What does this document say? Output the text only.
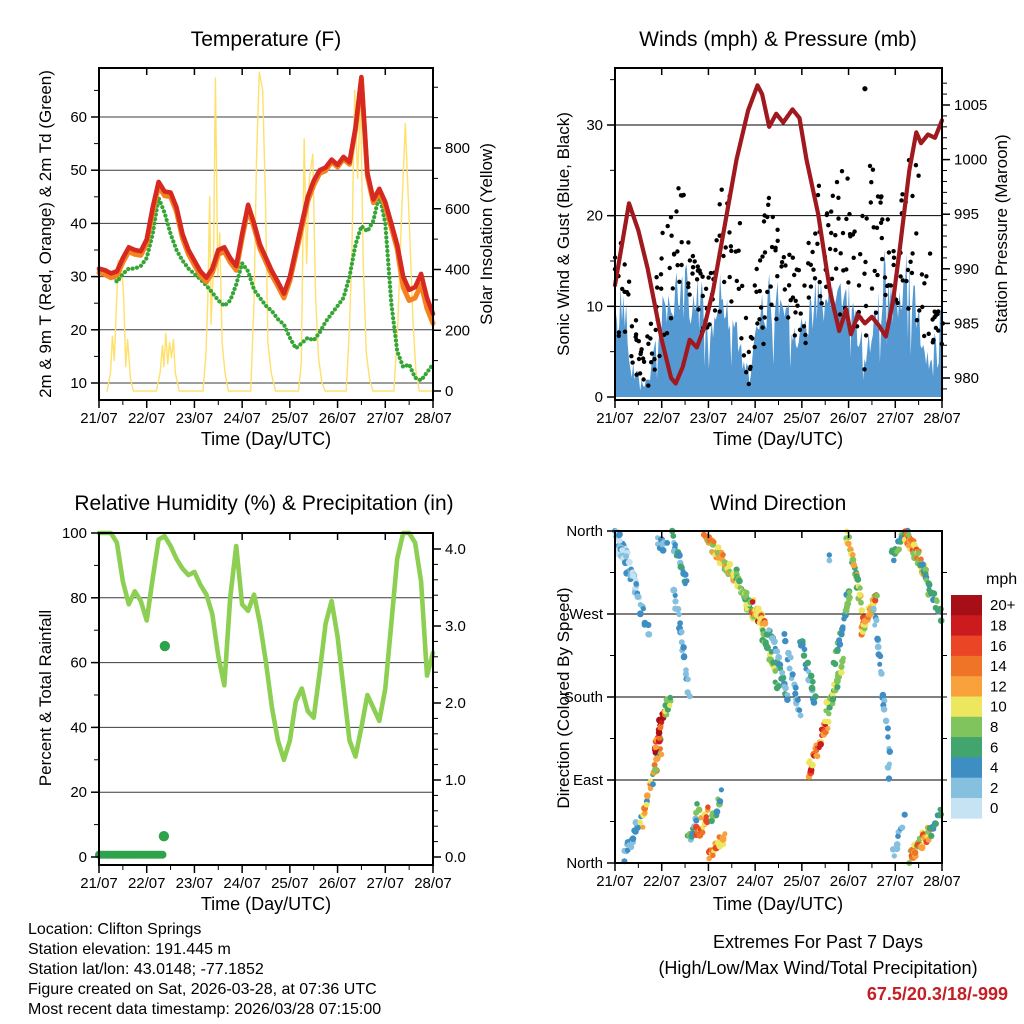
21/07 22/07 23/07 24/07 25/07 26/07 27/07 28/07
10
20
30
40
50
60
0
200
400
600
800
21/07 22/07 23/07 24/07 25/07 26/07 27/07 28/07
0
10
20
30
980
985
990
995
1000
1005
21/07 22/07 23/07 24/07 25/07 26/07 27/07 28/07
0
20
40
60
80
100
0.0
1.0
2.0
3.0
4.0
21/07 22/07 23/07 24/07 25/07 26/07 27/07 28/07
North
West
South
East
North
20+
18
16
14
12
10
8
6
4
2
0
Temperature (F)	Winds (mph) & Pressure (mb)
Relative Humidity (%) & Precipitation (in)	Wind Direction
Time (Day/UTC)	Time (Day/UTC)
Time (Day/UTC)	Time (Day/UTC)
2m & 9m T (Red, Orange) & 2m Td (Green)	Solar Insolation (Yellow)	Sonic Wind & Gust (Blue, Black)	Station Pressure (Maroon)
Percent & Total Rainfall	Direction (Colored By Speed)
mph
Location: Clifton Springs
Station elevation: 191.445 m
Station lat/lon: 43.0148; -77.1852
Figure created on Sat, 2026-03-28, at 07:36 UTC
Most recent data timestamp: 2026/03/28 07:15:00
Extremes For Past 7 Days
(High/Low/Max Wind/Total Precipitation)
67.5/20.3/18/-999
